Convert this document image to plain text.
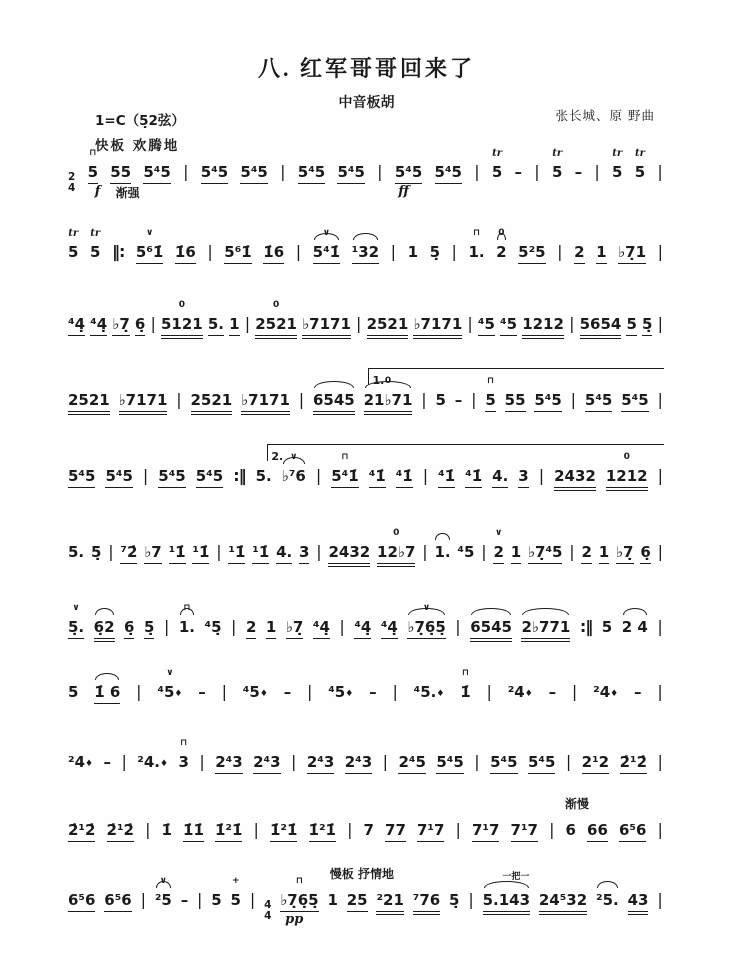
八. 红军哥哥回来了
中音板胡
1=C（5̣2弦）	张长城、原 野曲
快板 欢腾地
2
4
5
⊓
55 5⁴5 | 5⁴5 5⁴5 | 5⁴5 5⁴5 | 5⁴5 5⁴5 | 5
tr
– | 5
tr
– | 5
tr
5
tr
|
f 渐强	ff
5
tr
5
tr
‖: 5⁶1̇
∨
1̇6 | 5⁶1̇ 1̇6 | 5⁴1̇
∨
¹32 | 1 5̣ | 1.
⊓
2
0
5²5 | 2 1 ♭7̣1 |
⁴4̣ ⁴4̣ ♭7̣ 6̣ | 5121
0
5. 1 | 2521
0
♭7171 | 2521 ♭7171 | ⁴5 ⁴5 1212 | 5654 5 5̣ |
2521 ♭7171 | 2521 ♭7171 | 6545 21♭71
0
| 5 – | 5
⊓
55 5⁴5 | 5⁴5 5⁴5 |
1.
5⁴5 5⁴5 | 5⁴5 5⁴5 :‖ 5. ♭⁷6
∨
| 5⁴1̇
⊓
⁴1̇ ⁴1̇ | ⁴1̇ ⁴1̇ 4. 3 | 2432 1212
0
|
2.
5. 5̣ | ⁷2̇ ♭7 ¹1̇ ¹1̇ | ¹1̇ ¹1̇ 4. 3 | 2432 12♭7
0
| 1. ⁴5 | 2
∨
1 ♭7̣⁴5 | 2 1 ♭7̣ 6̣ |
5̣.
∨
6̣2 6̣ 5̣ | 1.
⊓
⁴5̣ | 2 1 ♭7̣ ⁴4̣ | ⁴4̣ ⁴4̣ ♭7̣6̣5̣
∨
| 6545 2♭771 :‖ 5 2 4 |
5 1̇ 6 | ⁴5♦
∨
– | ⁴5♦ – | ⁴5♦ – | ⁴5.♦ 1̇
⊓
| ²4♦ – | ²4♦ – |
²4♦ – | ²4.♦ 3
⊓
| 2⁴3 2⁴3 | 2⁴3 2⁴3 | 2⁴5 5⁴5 | 5⁴5 5⁴5 | 2¹2 2̇¹2̇ |
2̇¹2̇ 2̇¹2̇ | 1̇ 1̇1̇ 1̇²1̇ | 1̇²1̇ 1̇²1̇ | 7 77 7¹7 | 7¹7 7¹7 | 6 66 6⁵6 |
渐慢
6⁵6 6⁵6 | ²5
∨
– | 5 5
+
| 4
4
♭7̣6̣5̣
⊓
1 25 ²21 ⁷76 5̣ | 5.143 24⁵32 ²5. 43 |
慢板 抒情地	一把一
pp
